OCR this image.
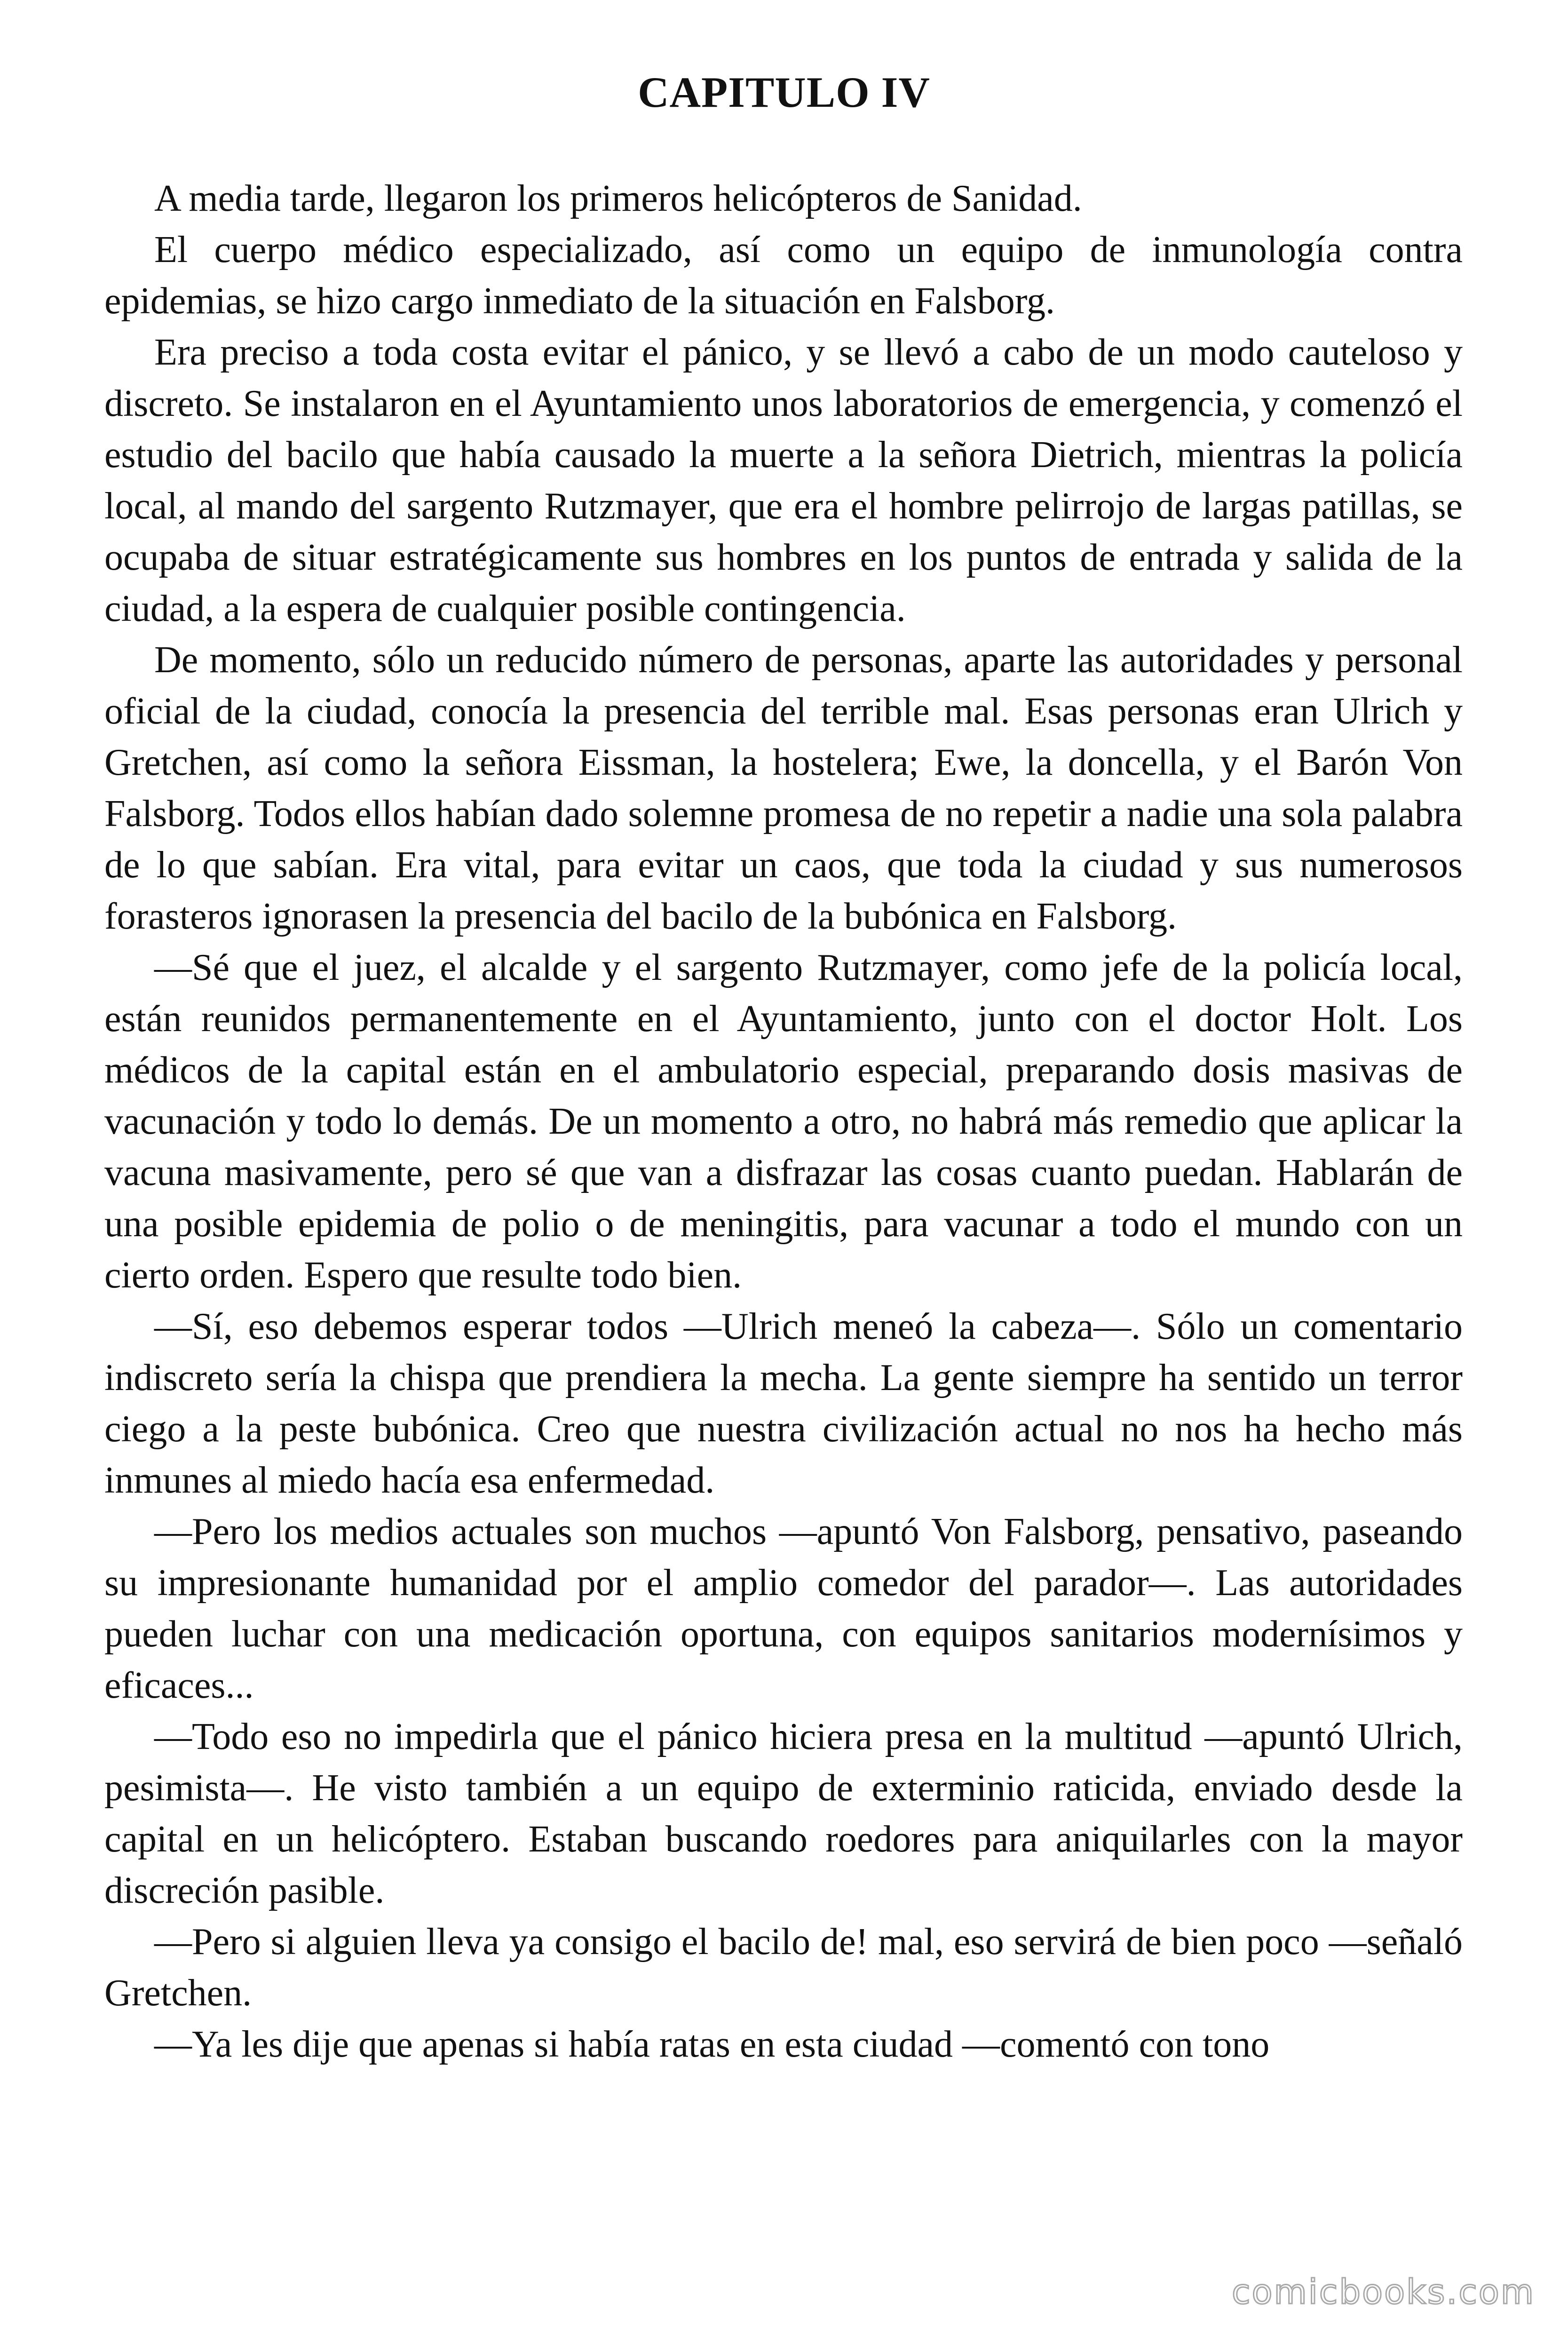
CAPITULO IV

A media tarde, llegaron los primeros helicópteros de Sanidad.

El cuerpo médico especializado, así como un equipo de inmunología contra epidemias, se hizo cargo inmediato de la situación en Falsborg.

Era preciso a toda costa evitar el pánico, y se llevó a cabo de un modo cauteloso y discreto. Se instalaron en el Ayuntamiento unos laboratorios de emergencia, y comenzó el estudio del bacilo que había causado la muerte a la señora Dietrich, mientras la policía local, al mando del sargento Rutzmayer, que era el hombre pelirrojo de largas patillas, se ocupaba de situar estratégicamente sus hombres en los puntos de entrada y salida de la ciudad, a la espera de cualquier posible contingencia.

De momento, sólo un reducido número de personas, aparte las autoridades y personal oficial de la ciudad, conocía la presencia del terrible mal. Esas personas eran Ulrich y Gretchen, así como la señora Eissman, la hostelera; Ewe, la doncella, y el Barón Von Falsborg. Todos ellos habían dado solemne promesa de no repetir a nadie una sola palabra de lo que sabían. Era vital, para evitar un caos, que toda la ciudad y sus numerosos forasteros ignorasen la presencia del bacilo de la bubónica en Falsborg.

—Sé que el juez, el alcalde y el sargento Rutzmayer, como jefe de la policía local, están reunidos permanentemente en el Ayuntamiento, junto con el doctor Holt. Los médicos de la capital están en el ambulatorio especial, preparando dosis masivas de vacunación y todo lo demás. De un momento a otro, no habrá más remedio que aplicar la vacuna masivamente, pero sé que van a disfrazar las cosas cuanto puedan. Hablarán de una posible epidemia de polio o de meningitis, para vacunar a todo el mundo con un cierto orden. Espero que resulte todo bien.

—Sí, eso debemos esperar todos —Ulrich meneó la cabeza—. Sólo un comentario indiscreto sería la chispa que prendiera la mecha. La gente siempre ha sentido un terror ciego a la peste bubónica. Creo que nuestra civilización actual no nos ha hecho más inmunes al miedo hacía esa enfermedad.

—Pero los medios actuales son muchos —apuntó Von Falsborg, pensativo, paseando su impresionante humanidad por el amplio comedor del parador—. Las autoridades pueden luchar con una medicación oportuna, con equipos sanitarios modernísimos y eficaces...

—Todo eso no impedirla que el pánico hiciera presa en la multitud —apuntó Ulrich, pesimista—. He visto también a un equipo de exterminio raticida, enviado desde la capital en un helicóptero. Estaban buscando roedores para aniquilarles con la mayor discreción pasible.

—Pero si alguien lleva ya consigo el bacilo de! mal, eso servirá de bien poco —señaló Gretchen.

—Ya les dije que apenas si había ratas en esta ciudad —comentó con tono

comicbooks.com
